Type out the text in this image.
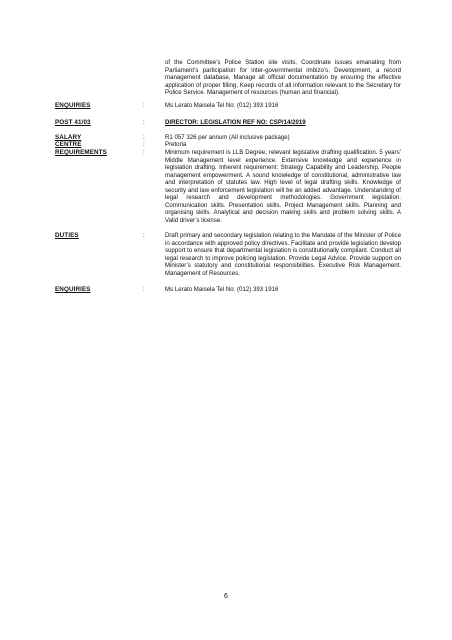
of the Committee’s Police Station site visits, Coordinate issues emanating from Parliament’s participation for inter-governmental imbizo’s. Development, a record management database, Manage all official documentation by ensuring the effective application of proper filling, Keep records of all information relevant to the Secretary for Police Service. Management of resources (human and financial).
ENQUIRIES	:	Ms Lerato Maisela Tel No: (012) 393 1916
POST 41/03	:	DIRECTOR: LEGISLATION REF NO: CSP/14/2019
SALARY	:	R1 057 326 per annum (All inclusive package)
CENTRE	:	Pretoria
REQUIREMENTS	:	Minimum requirement is LLB Degree, relevant legislative drafting qualification. 5 years’ Middle Management level experience. Extensive knowledge and experience in legislation drafting. Inherent requirement: Strategy Capability and Leadership, People management empowerment. A sound knowledge of constitutional, administrative law and interpretation of statutes law. High level of legal drafting skills. Knowledge of security and law enforcement legislation will be an added advantage. Understanding of legal research and development methodologies. Government legislation. Communication skills. Presentation skills. Project Management skills. Planning and organising skills. Analytical and decision making skills and problem solving skills. A Valid driver’s license.
DUTIES	:	Draft primary and secondary legislation relating to the Mandate of the Minister of Police in accordance with approved policy directives. Facilitate and provide legislation develop support to ensure that departmental legislation is constitutionally compliant. Conduct all legal research to improve policing legislation. Provide Legal Advice. Provide support on Minister’s statutory and constitutional responsibilities. Executive Risk Management. Management of Resources.
ENQUIRIES	:	Ms Lerato Maisela Tel No: (012) 393 1916
6
